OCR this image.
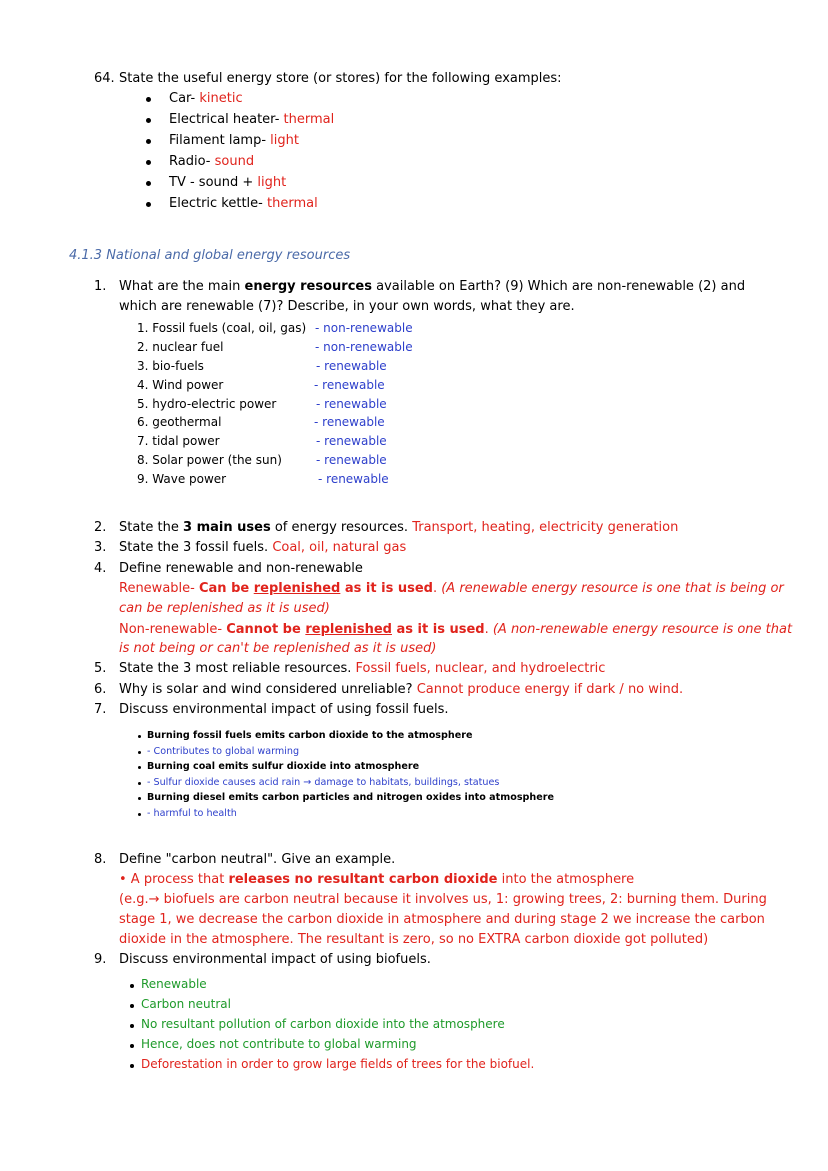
64. State the useful energy store (or stores) for the following examples:
Car- kinetic
Electrical heater- thermal
Filament lamp- light
Radio- sound
TV - sound + light
Electric kettle- thermal
4.1.3 National and global energy resources
1. What are the main energy resources available on Earth? (9) Which are non-renewable (2) and
which are renewable (7)? Describe, in your own words, what they are.
1. Fossil fuels (coal, oil, gas) - non-renewable
2. nuclear fuel	- non-renewable
3. bio-fuels	- renewable
4. Wind power	- renewable
5. hydro-electric power	- renewable
6. geothermal	- renewable
7. tidal power	- renewable
8. Solar power (the sun)	- renewable
9. Wave power	- renewable
2. State the 3 main uses of energy resources. Transport, heating, electricity generation
3. State the 3 fossil fuels. Coal, oil, natural gas
4. Define renewable and non-renewable
Renewable- Can be replenished as it is used. (A renewable energy resource is one that is being or
can be replenished as it is used)
Non-renewable- Cannot be replenished as it is used. (A non-renewable energy resource is one that
is not being or can't be replenished as it is used)
5. State the 3 most reliable resources. Fossil fuels, nuclear, and hydroelectric
6. Why is solar and wind considered unreliable? Cannot produce energy if dark / no wind.
7. Discuss environmental impact of using fossil fuels.
Burning fossil fuels emits carbon dioxide to the atmosphere
- Contributes to global warming
Burning coal emits sulfur dioxide into atmosphere
- Sulfur dioxide causes acid rain → damage to habitats, buildings, statues
Burning diesel emits carbon particles and nitrogen oxides into atmosphere
- harmful to health
8. Define "carbon neutral". Give an example.
• A process that releases no resultant carbon dioxide into the atmosphere
(e.g.→ biofuels are carbon neutral because it involves us, 1: growing trees, 2: burning them. During
stage 1, we decrease the carbon dioxide in atmosphere and during stage 2 we increase the carbon
dioxide in the atmosphere. The resultant is zero, so no EXTRA carbon dioxide got polluted)
9. Discuss environmental impact of using biofuels.
Renewable
Carbon neutral
No resultant pollution of carbon dioxide into the atmosphere
Hence, does not contribute to global warming
Deforestation in order to grow large fields of trees for the biofuel.
